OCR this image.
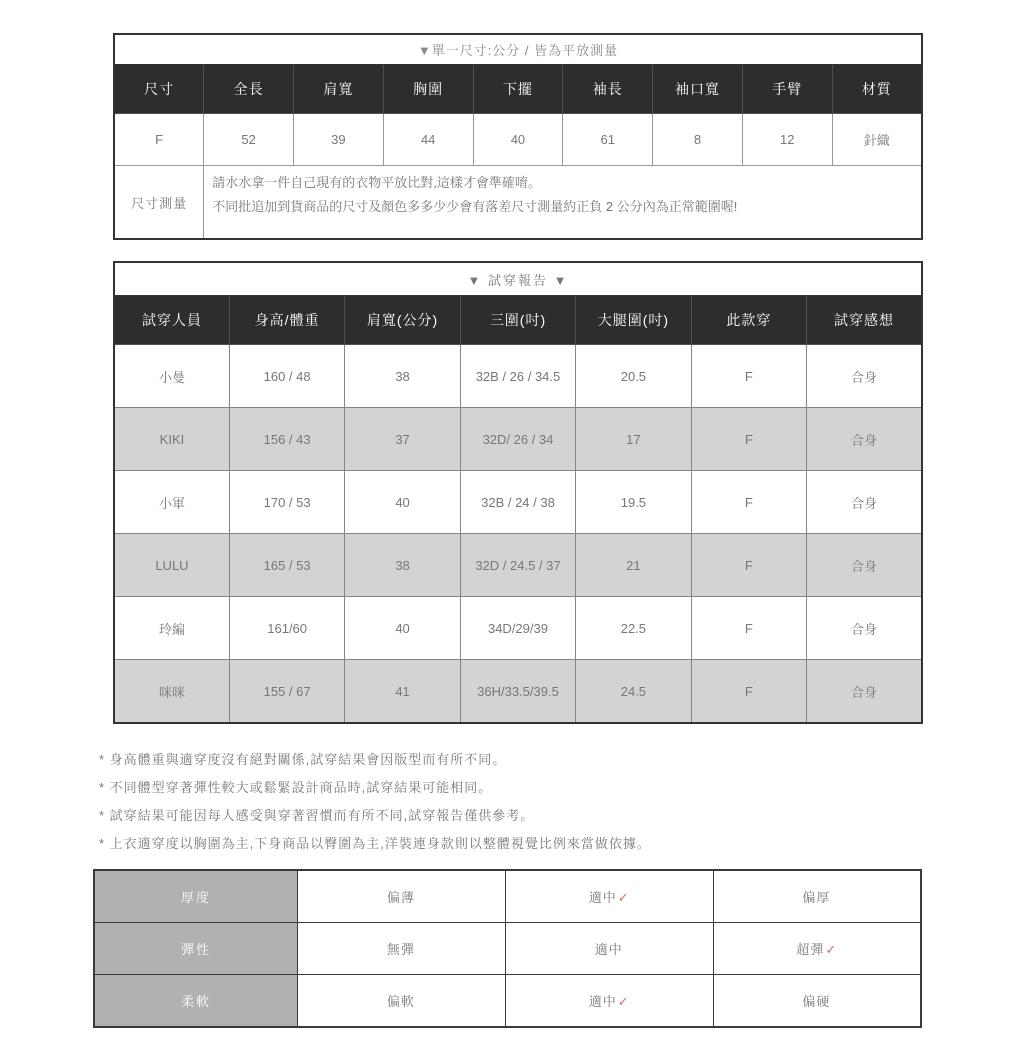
▼單一尺寸:公分 / 皆為平放測量								
尺寸	全長	肩寬	胸圍	下擺	袖長	袖口寬	手臂	材質
F	52	39	44	40	61	8	12	針織
尺寸測量	請水水拿一件自己現有的衣物平放比對,這樣才會準確唷。
不同批追加到貨商品的尺寸及顏色多多少少會有落差尺寸測量約正負 2 公分內為正常範圍喔!							
▼ 試穿報告 ▼						
試穿人員	身高/體重	肩寬(公分)	三圍(吋)	大腿圍(吋)	此款穿	試穿感想
小曼	160 / 48	38	32B / 26 / 34.5	20.5	F	合身
KIKI	156 / 43	37	32D/ 26 / 34	17	F	合身
小軍	170 / 53	40	32B / 24 / 38	19.5	F	合身
LULU	165 / 53	38	32D / 24.5 / 37	21	F	合身
玲編	161/60	40	34D/29/39	22.5	F	合身
咪咪	155 / 67	41	36H/33.5/39.5	24.5	F	合身

* 身高體重與適穿度沒有絕對關係,試穿結果會因版型而有所不同。

* 不同體型穿著彈性較大或鬆緊設計商品時,試穿結果可能相同。

* 試穿結果可能因每人感受與穿著習慣而有所不同,試穿報告僅供參考。

* 上衣適穿度以胸圍為主,下身商品以臀圍為主,洋裝連身款則以整體視覺比例來當做依據。

厚度	偏薄	適中✓	偏厚
彈性	無彈	適中	超彈✓
柔軟	偏軟	適中✓	偏硬
